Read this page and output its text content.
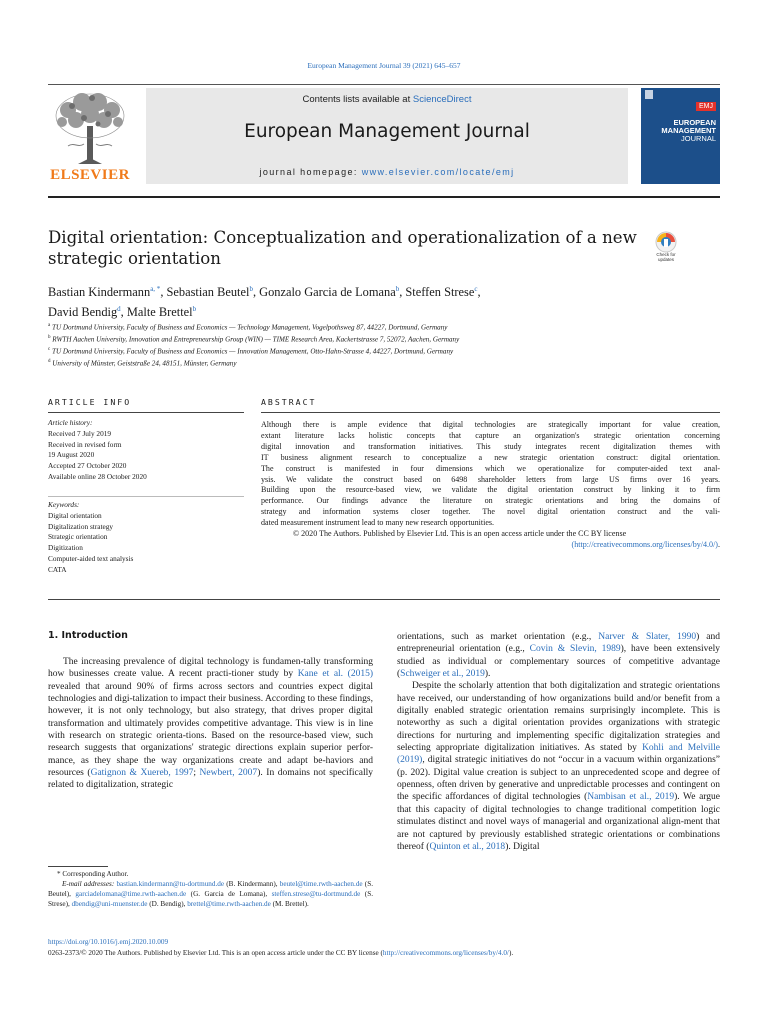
European Management Journal 39 (2021) 645–657
ELSEVIER
Contents lists available at ScienceDirect
European Management Journal
journal homepage: www.elsevier.com/locate/emj
EMJ
EUROPEAN
MANAGEMENT
JOURNAL
Digital orientation: Conceptualization and operationalization of a new
strategic orientation	Check for updates
Bastian Kindermann$^{a, *}$, Sebastian Beutel$^b$, Gonzalo Garcia de Lomana$^b$, Steffen Strese$^c$,
David Bendig$^d$, Malte Brettel$^b$
$^a$ TU Dortmund University, Faculty of Business and Economics — Technology Management, Vogelpothsweg 87, 44227, Dortmund, Germany
$^b$ RWTH Aachen University, Innovation and Entrepreneurship Group (WIN) — TIME Research Area, Kackertstrasse 7, 52072, Aachen, Germany
$^c$ TU Dortmund University, Faculty of Business and Economics — Innovation Management, Otto-Hahn-Strasse 4, 44227, Dortmund, Germany
$^d$ University of Münster, Geiststraße 24, 48151, Münster, Germany
ARTICLE INFO	ABSTRACT
Article history:
Received 7 July 2019
Received in revised form
19 August 2020
Accepted 27 October 2020
Available online 28 October 2020
Keywords:
Digital orientation
Digitalization strategy
Strategic orientation
Digitization
Computer-aided text analysis
CATA
Although there is ample evidence that digital technologies are strategically important for value creation,
extant literature lacks holistic concepts that capture an organization's strategic orientation concerning
digital innovation and transformation initiatives. This study integrates recent digitalization themes with
IT business alignment research to conceptualize a new strategic orientation construct: digital orientation.
The construct is manifested in four dimensions which we operationalize for computer-aided text anal-
ysis. We validate the construct based on 6498 shareholder letters from large US firms over 16 years.
Building upon the resource-based view, we validate the digital orientation construct by linking it to firm
performance. Our findings advance the literature on strategic orientations and bring the domains of
strategy and information systems closer together. The novel digital orientation construct and the vali-
dated measurement instrument lead to many new research opportunities.
© 2020 The Authors. Published by Elsevier Ltd. This is an open access article under the CC BY license
(http://creativecommons.org/licenses/by/4.0/).
1. Introduction

The increasing prevalence of digital technology is fundamen-tally transforming how businesses create value. A recent practi-tioner study by Kane et al. (2015) revealed that around 90% of firms across sectors and countries expect digital technologies and digi-talization to impact their business. According to these findings, however, it is not only technology, but also strategy, that drives proper digital transformation and ultimately provides competitive advantage. This view is in line with research on strategic orienta-tions. Based on the resource-based view, such research suggests that organizations' strategic directions explain superior perfor-mance, as they shape the way organizations create and adapt be-haviors and resources (Gatignon & Xuereb, 1997; Newbert, 2007). In domains not specifically related to digitalization, strategic

orientations, such as market orientation (e.g., Narver & Slater, 1990) and entrepreneurial orientation (e.g., Covin & Slevin, 1989), have been extensively studied as individual or complementary sources of competitive advantage (Schweiger et al., 2019).

Despite the scholarly attention that both digitalization and strategic orientations have received, our understanding of how organizations build and/or benefit from a digitally enabled strategic orientation remains surprisingly incomplete. This is noteworthy as such a digital orientation provides organizations with strategic directions for nurturing and implementing specific digitalization strategies and selecting appropriate digitalization initiatives. As stated by Kohli and Melville (2019), digital strategic initiatives do not “occur in a vacuum within organizations” (p. 202). Digital value creation is subject to an unprecedented scope and degree of openness, often driven by generative and unpredictable processes and contingent on the specific affordances of digital technologies (Nambisan et al., 2019). We argue that this capacity of digital technologies to change traditional competition logic stimulates distinct and novel ways of managerial and organizational align-ment that are not captured by previously established strategic orientations or combinations thereof (Quinton et al., 2018). Digital

* Corresponding Author.
E-mail addresses: bastian.kindermann@tu-dortmund.de (B. Kindermann), beutel@time.rwth-aachen.de (S. Beutel), garciadelomana@time.rwth-aachen.de (G. Garcia de Lomana), steffen.strese@tu-dortmund.de (S. Strese), dbendig@uni-muenster.de (D. Bendig), brettel@time.rwth-aachen.de (M. Brettel).
https://doi.org/10.1016/j.emj.2020.10.009
0263-2373/© 2020 The Authors. Published by Elsevier Ltd. This is an open access article under the CC BY license (http://creativecommons.org/licenses/by/4.0/).
